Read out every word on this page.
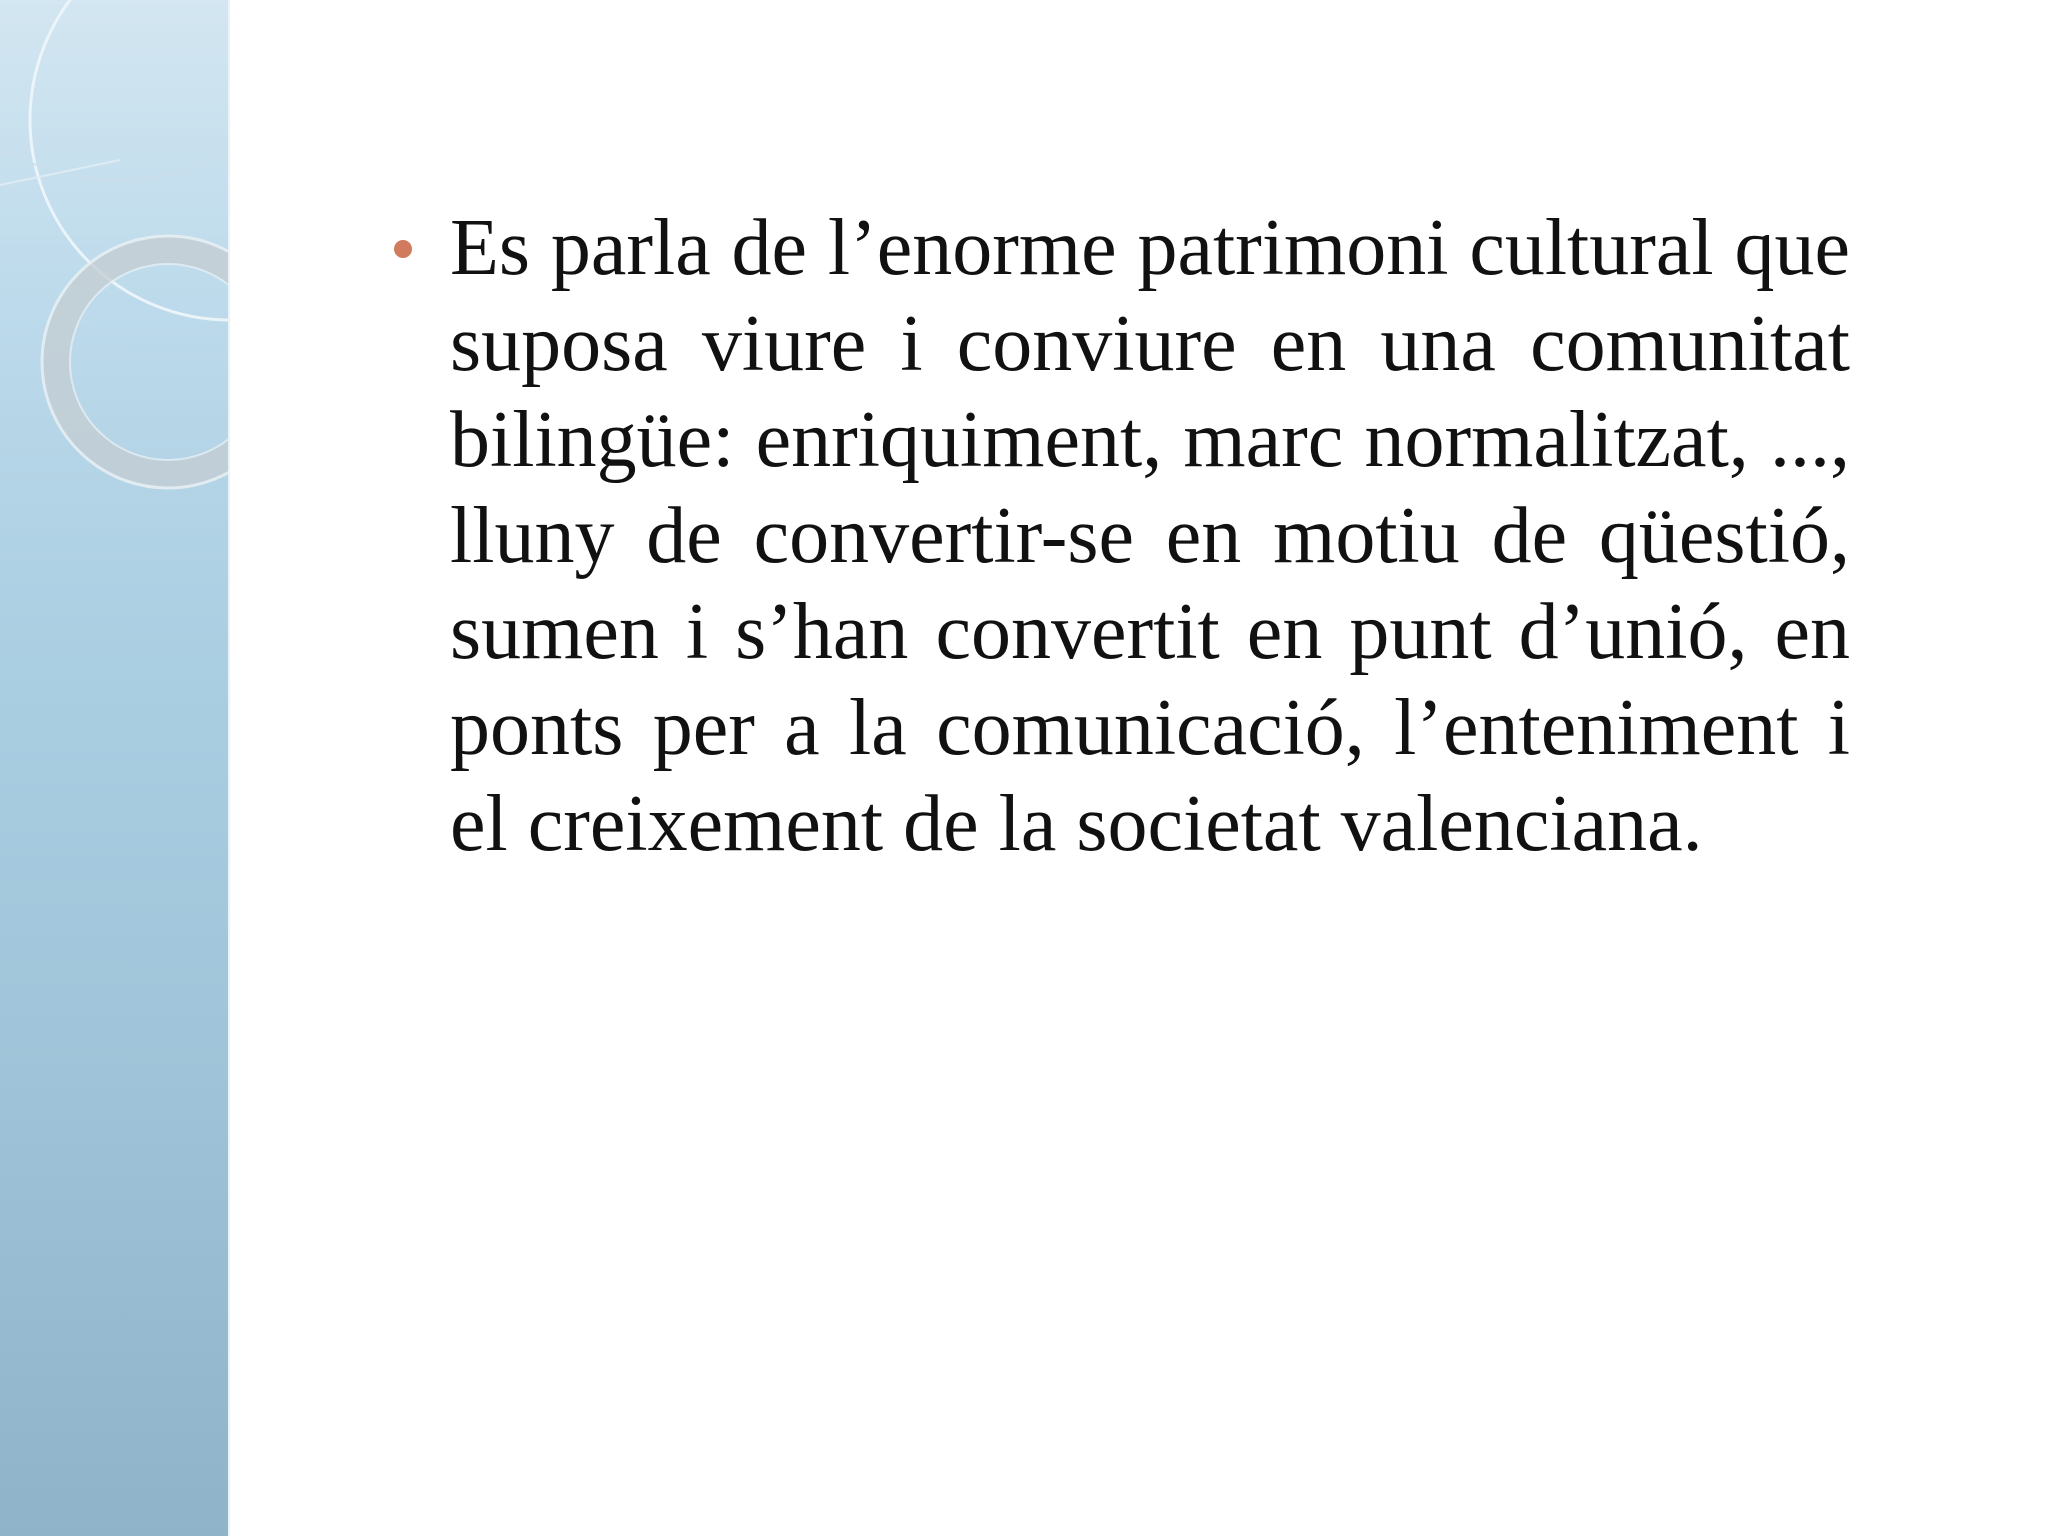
Es parla de l’enorme patrimoni cultural que suposa viure i conviure en una comunitat bilingüe: enriquiment, marc normalitzat, ..., lluny de convertir-se en motiu de qüestió, sumen i s’han convertit en punt d’unió, en ponts per a la comunicació, l’enteniment i el creixement de la societat valenciana.
